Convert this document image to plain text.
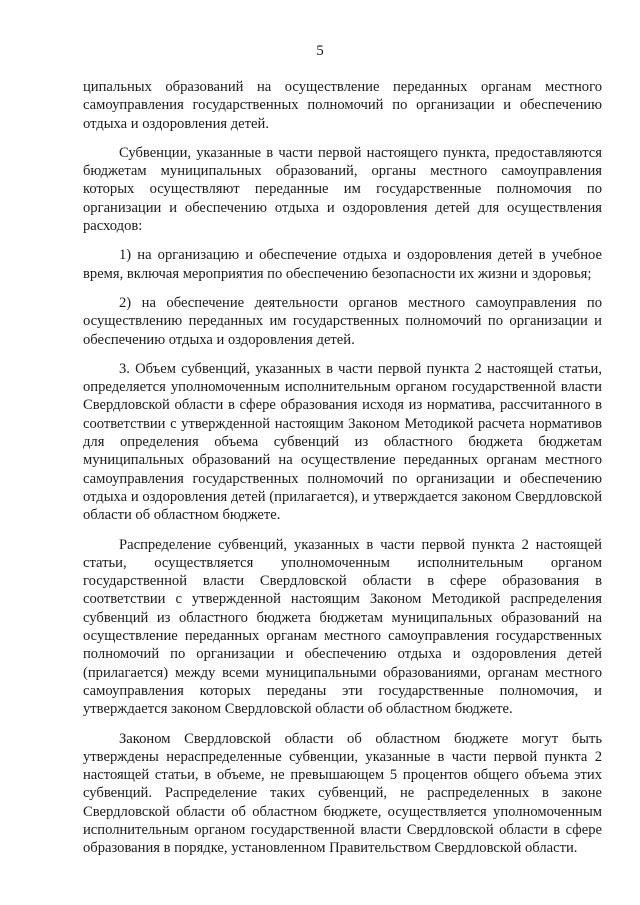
5

ципальных образований на осуществление переданных органам местного самоуправления государственных полномочий по организации и обеспечению отдыха и оздоровления детей.

Субвенции, указанные в части первой настоящего пункта, предоставляются бюджетам муниципальных образований, органы местного самоуправления которых осуществляют переданные им государственные полномочия по организации и обеспечению отдыха и оздоровления детей для осуществления расходов:

1) на организацию и обеспечение отдыха и оздоровления детей в учебное время, включая мероприятия по обеспечению безопасности их жизни и здоровья;

2) на обеспечение деятельности органов местного самоуправления по осуществлению переданных им государственных полномочий по организации и обеспечению отдыха и оздоровления детей.

3. Объем субвенций, указанных в части первой пункта 2 настоящей статьи, определяется уполномоченным исполнительным органом государственной власти Свердловской области в сфере образования исходя из норматива, рассчитанного в соответствии с утвержденной настоящим Законом Методикой расчета нормативов для определения объема субвенций из областного бюджета бюджетам муниципальных образований на осуществление переданных органам местного самоуправления государственных полномочий по организации и обеспечению отдыха и оздоровления детей (прилагается), и утверждается законом Свердловской области об областном бюджете.

Распределение субвенций, указанных в части первой пункта 2 настоящей статьи, осуществляется уполномоченным исполнительным органом государственной власти Свердловской области в сфере образования в соответствии с утвержденной настоящим Законом Методикой распределения субвенций из областного бюджета бюджетам муниципальных образований на осуществление переданных органам местного самоуправления государственных полномочий по организации и обеспечению отдыха и оздоровления детей (прилагается) между всеми муниципальными образованиями, органам местного самоуправления которых переданы эти государственные полномочия, и утверждается законом Свердловской области об областном бюджете.

Законом Свердловской области об областном бюджете могут быть утверждены нераспределенные субвенции, указанные в части первой пункта 2 настоящей статьи, в объеме, не превышающем 5 процентов общего объема этих субвенций. Распределение таких субвенций, не распределенных в законе Свердловской области об областном бюджете, осуществляется уполномоченным исполнительным органом государственной власти Свердловской области в сфере образования в порядке, установленном Правительством Свердловской области.
